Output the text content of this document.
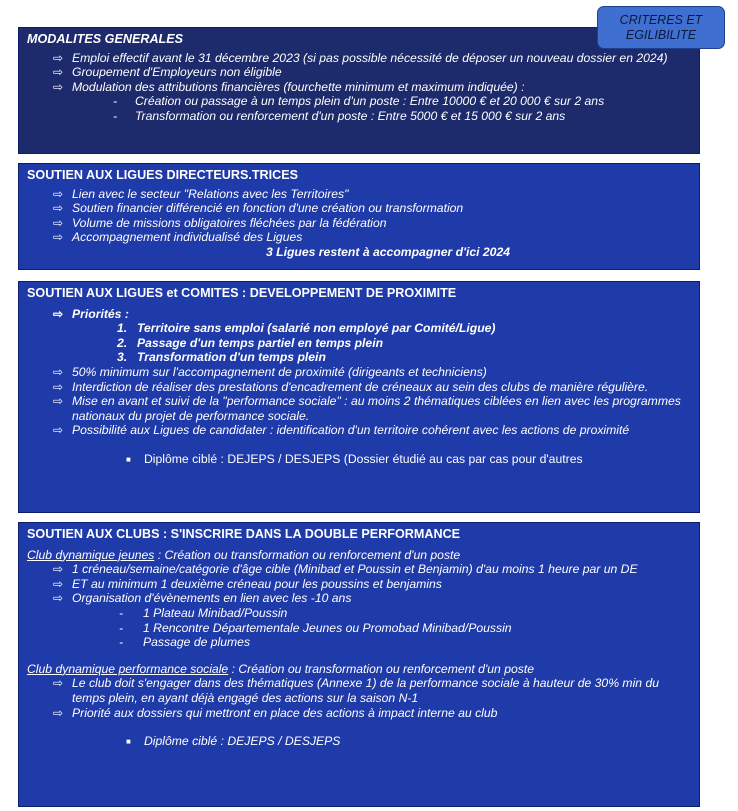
CRITERES ET
EGILIBILITE
MODALITES GENERALES
⇨ Emploi effectif avant le 31 décembre 2023 (si pas possible nécessité de déposer un nouveau dossier en 2024)
⇨ Groupement d'Employeurs non éligible
⇨ Modulation des attributions financières (fourchette minimum et maximum indiquée) :
- Création ou passage à un temps plein d'un poste : Entre 10000 € et 20 000 € sur 2 ans
- Transformation ou renforcement d'un poste : Entre 5000 € et 15 000 € sur 2 ans
SOUTIEN AUX LIGUES DIRECTEURS.TRICES
⇨ Lien avec le secteur "Relations avec les Territoires"
⇨ Soutien financier différencié en fonction d'une création ou transformation
⇨ Volume de missions obligatoires fléchées par la fédération
⇨ Accompagnement individualisé des Ligues
3 Ligues restent à accompagner d'ici 2024
SOUTIEN AUX LIGUES et COMITES : DEVELOPPEMENT DE PROXIMITE
⇨ Priorités :
1. Territoire sans emploi (salarié non employé par Comité/Ligue)
2. Passage d'un temps partiel en temps plein
3. Transformation d'un temps plein
⇨ 50% minimum sur l'accompagnement de proximité (dirigeants et techniciens)
⇨ Interdiction de réaliser des prestations d'encadrement de créneaux au sein des clubs de manière régulière.
⇨ Mise en avant et suivi de la "performance sociale" : au moins 2 thématiques ciblées en lien avec les programmes nationaux du projet de performance sociale.
⇨ Possibilité aux Ligues de candidater : identification d'un territoire cohérent avec les actions de proximité
■ Diplôme ciblé : DEJEPS / DESJEPS (Dossier étudié au cas par cas pour d'autres
SOUTIEN AUX CLUBS : S'INSCRIRE DANS LA DOUBLE PERFORMANCE
Club dynamique jeunes : Création ou transformation ou renforcement d'un poste
⇨ 1 créneau/semaine/catégorie d'âge cible (Minibad et Poussin et Benjamin) d'au moins 1 heure par un DE
⇨ ET au minimum 1 deuxième créneau pour les poussins et benjamins
⇨ Organisation d'évènements en lien avec les -10 ans
- 1 Plateau Minibad/Poussin
- 1 Rencontre Départementale Jeunes ou Promobad Minibad/Poussin
- Passage de plumes
Club dynamique performance sociale : Création ou transformation ou renforcement d'un poste
⇨ Le club doit s'engager dans des thématiques (Annexe 1) de la performance sociale à hauteur de 30% min du temps plein, en ayant déjà engagé des actions sur la saison N-1
⇨ Priorité aux dossiers qui mettront en place des actions à impact interne au club
■ Diplôme ciblé : DEJEPS / DESJEPS
